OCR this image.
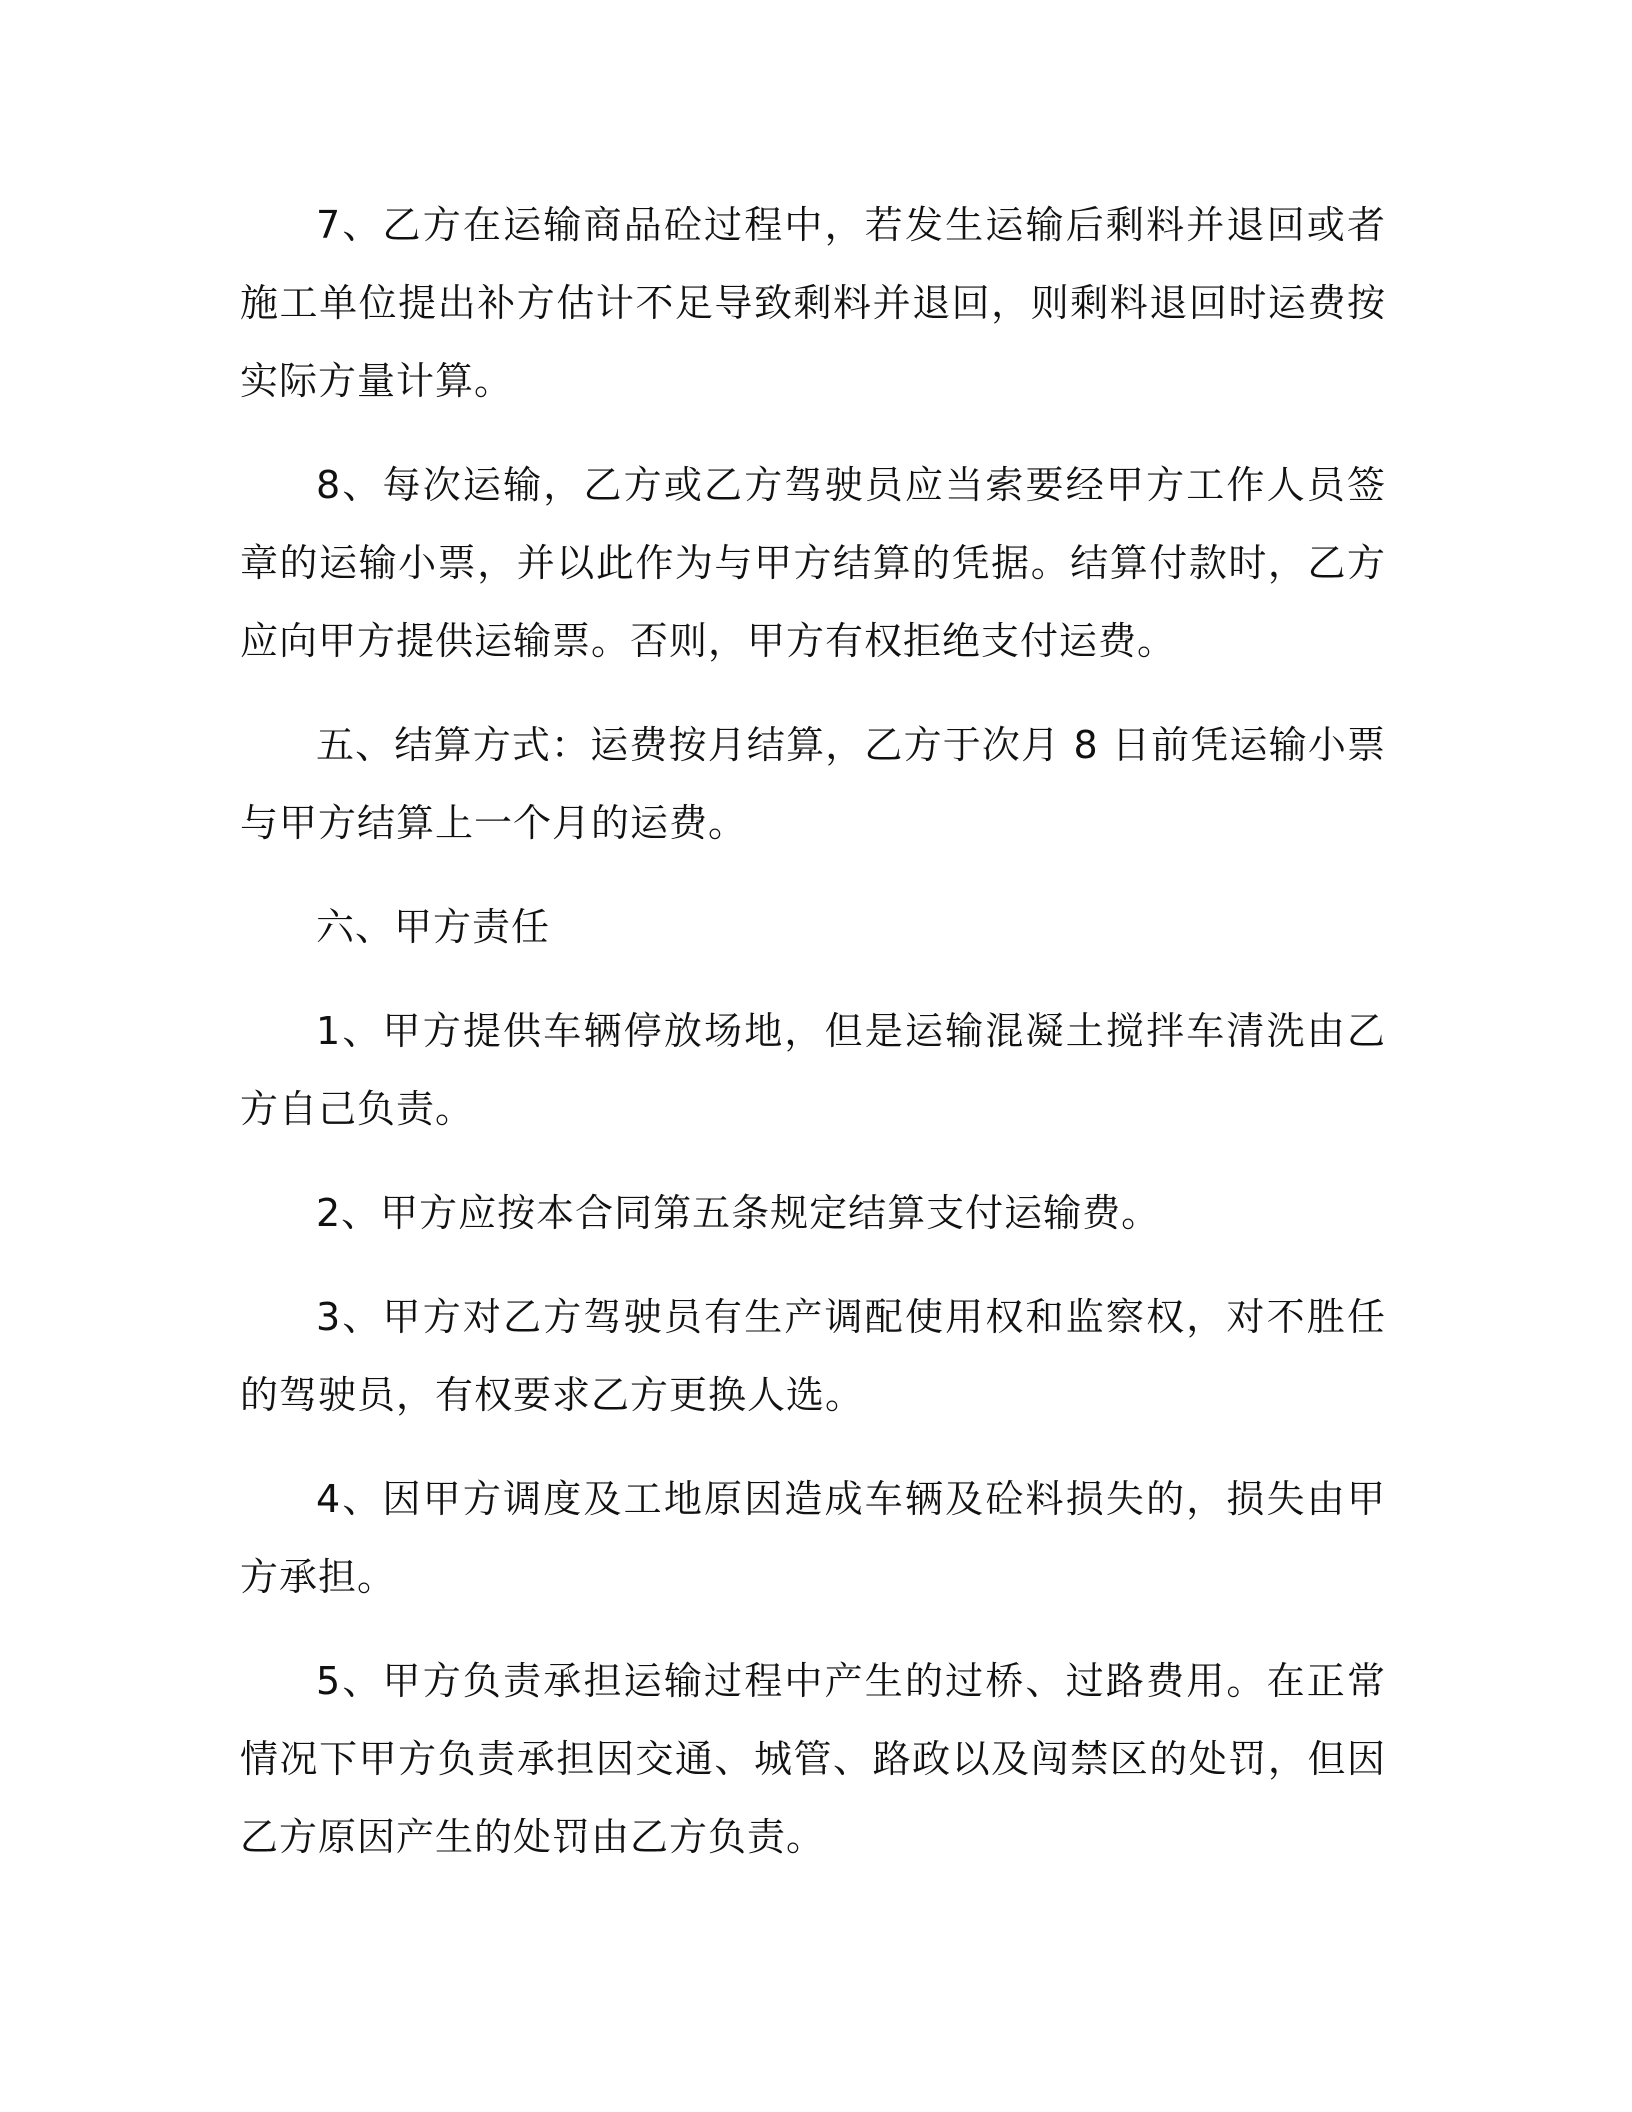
7、乙方在运输商品砼过程中，若发生运输后剩料并退回或者施工单位提出补方估计不足导致剩料并退回，则剩料退回时运费按实际方量计算。

8、每次运输，乙方或乙方驾驶员应当索要经甲方工作人员签章的运输小票，并以此作为与甲方结算的凭据。结算付款时，乙方应向甲方提供运输票。否则，甲方有权拒绝支付运费。

五、结算方式：运费按月结算，乙方于次月 8 日前凭运输小票与甲方结算上一个月的运费。

六、甲方责任

1、甲方提供车辆停放场地，但是运输混凝土搅拌车清洗由乙方自己负责。

2、甲方应按本合同第五条规定结算支付运输费。

3、甲方对乙方驾驶员有生产调配使用权和监察权，对不胜任的驾驶员，有权要求乙方更换人选。

4、因甲方调度及工地原因造成车辆及砼料损失的，损失由甲方承担。

5、甲方负责承担运输过程中产生的过桥、过路费用。在正常情况下甲方负责承担因交通、城管、路政以及闯禁区的处罚，但因乙方原因产生的处罚由乙方负责。
